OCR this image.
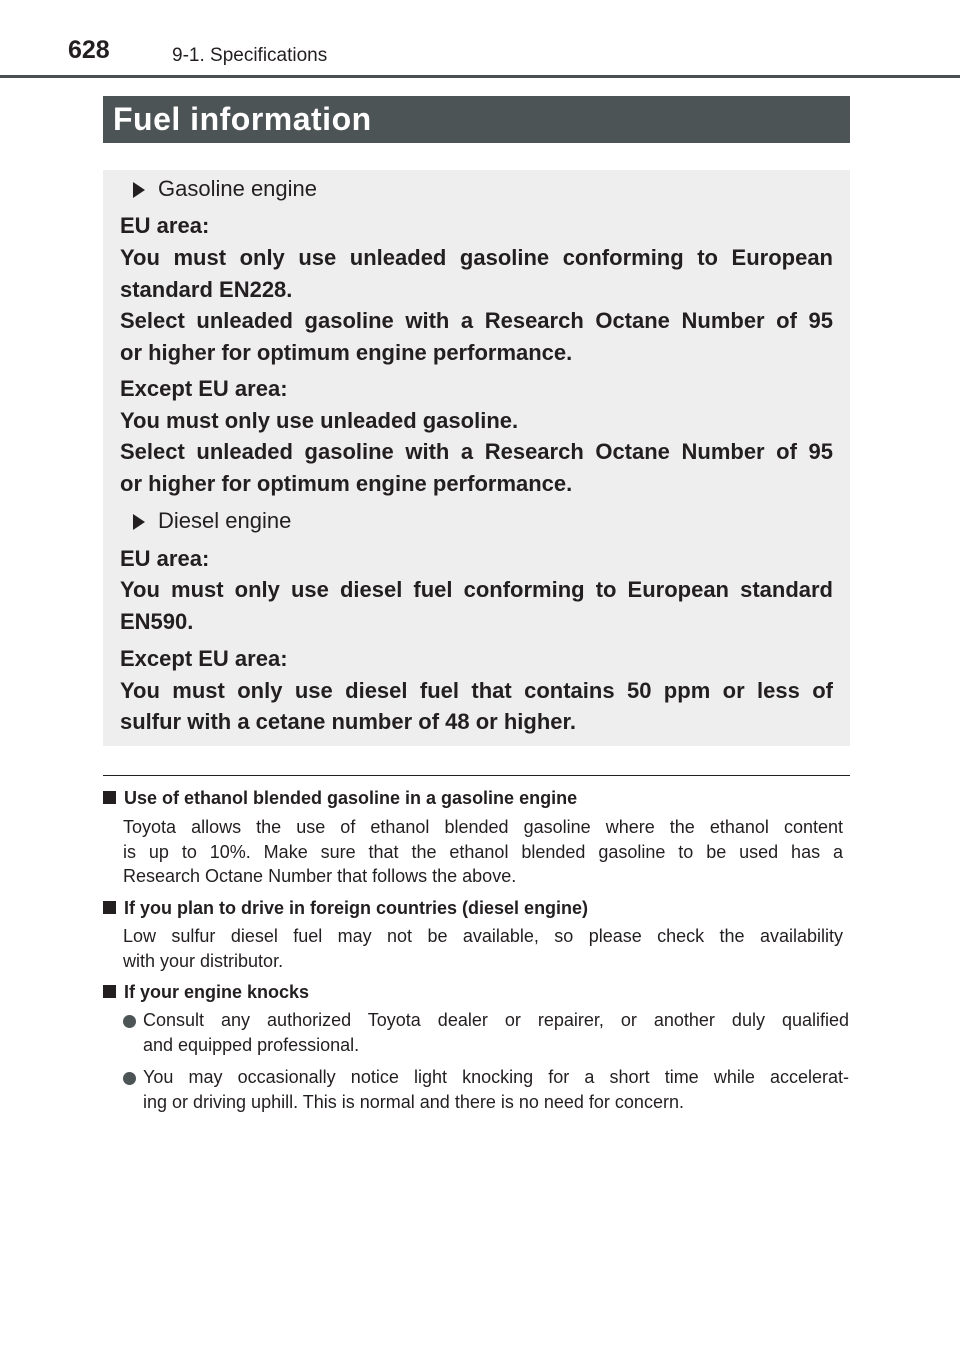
628	9-1. Specifications
Fuel information
Gasoline engine
EU area:
You must only use unleaded gasoline conforming to European
standard EN228.
Select unleaded gasoline with a Research Octane Number of 95
or higher for optimum engine performance.
Except EU area:
You must only use unleaded gasoline.
Select unleaded gasoline with a Research Octane Number of 95
or higher for optimum engine performance.
Diesel engine
EU area:
You must only use diesel fuel conforming to European standard
EN590.
Except EU area:
You must only use diesel fuel that contains 50 ppm or less of
sulfur with a cetane number of 48 or higher.
Use of ethanol blended gasoline in a gasoline engine
Toyota allows the use of ethanol blended gasoline where the ethanol content
is up to 10%. Make sure that the ethanol blended gasoline to be used has a
Research Octane Number that follows the above.
If you plan to drive in foreign countries (diesel engine)
Low sulfur diesel fuel may not be available, so please check the availability
with your distributor.
If your engine knocks
Consult any authorized Toyota dealer or repairer, or another duly qualified
and equipped professional.
You may occasionally notice light knocking for a short time while accelerat-
ing or driving uphill. This is normal and there is no need for concern.
